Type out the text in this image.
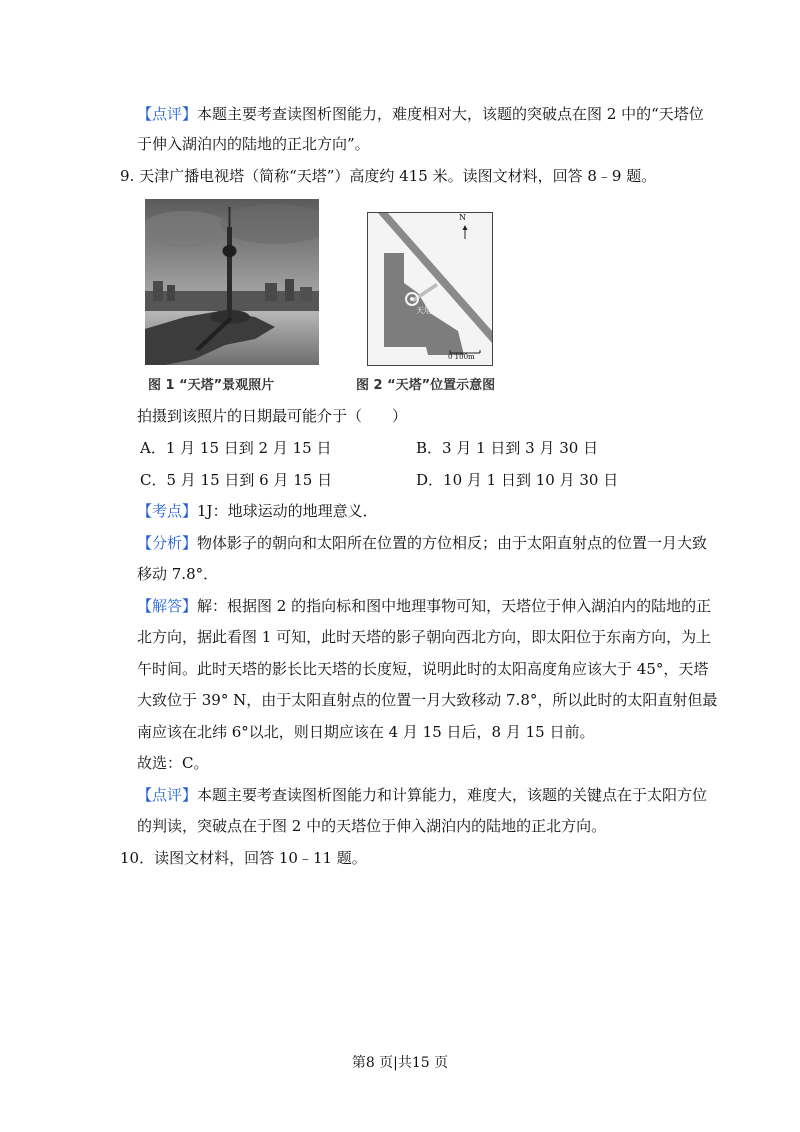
【点评】本题主要考查读图析图能力，难度相对大，该题的突破点在图 2 中的“天塔位
于伸入湖泊内的陆地的正北方向”。
9. 天津广播电视塔（简称“天塔”）高度约 415 米。读图文材料，回答 8﹣9 题。
N
天塔
0 100m
图 1 “天塔”景观照片	图 2 “天塔”位置示意图
拍摄到该照片的日期最可能介于（　　）
A．1 月 15 日到 2 月 15 日	B．3 月 1 日到 3 月 30 日
C．5 月 15 日到 6 月 15 日	D．10 月 1 日到 10 月 30 日
【考点】1J：地球运动的地理意义．
【分析】物体影子的朝向和太阳所在位置的方位相反；由于太阳直射点的位置一月大致
移动 7.8°．
【解答】解：根据图 2 的指向标和图中地理事物可知，天塔位于伸入湖泊内的陆地的正
北方向，据此看图 1 可知，此时天塔的影子朝向西北方向，即太阳位于东南方向，为上
午时间。此时天塔的影长比天塔的长度短，说明此时的太阳高度角应该大于 45°，天塔
大致位于 39° N，由于太阳直射点的位置一月大致移动 7.8°，所以此时的太阳直射但最
南应该在北纬 6°以北，则日期应该在 4 月 15 日后，8 月 15 日前。
故选：C。
【点评】本题主要考查读图析图能力和计算能力，难度大，该题的关键点在于太阳方位
的判读，突破点在于图 2 中的天塔位于伸入湖泊内的陆地的正北方向。
10．读图文材料，回答 10﹣11 题。
第8 页|共15 页
